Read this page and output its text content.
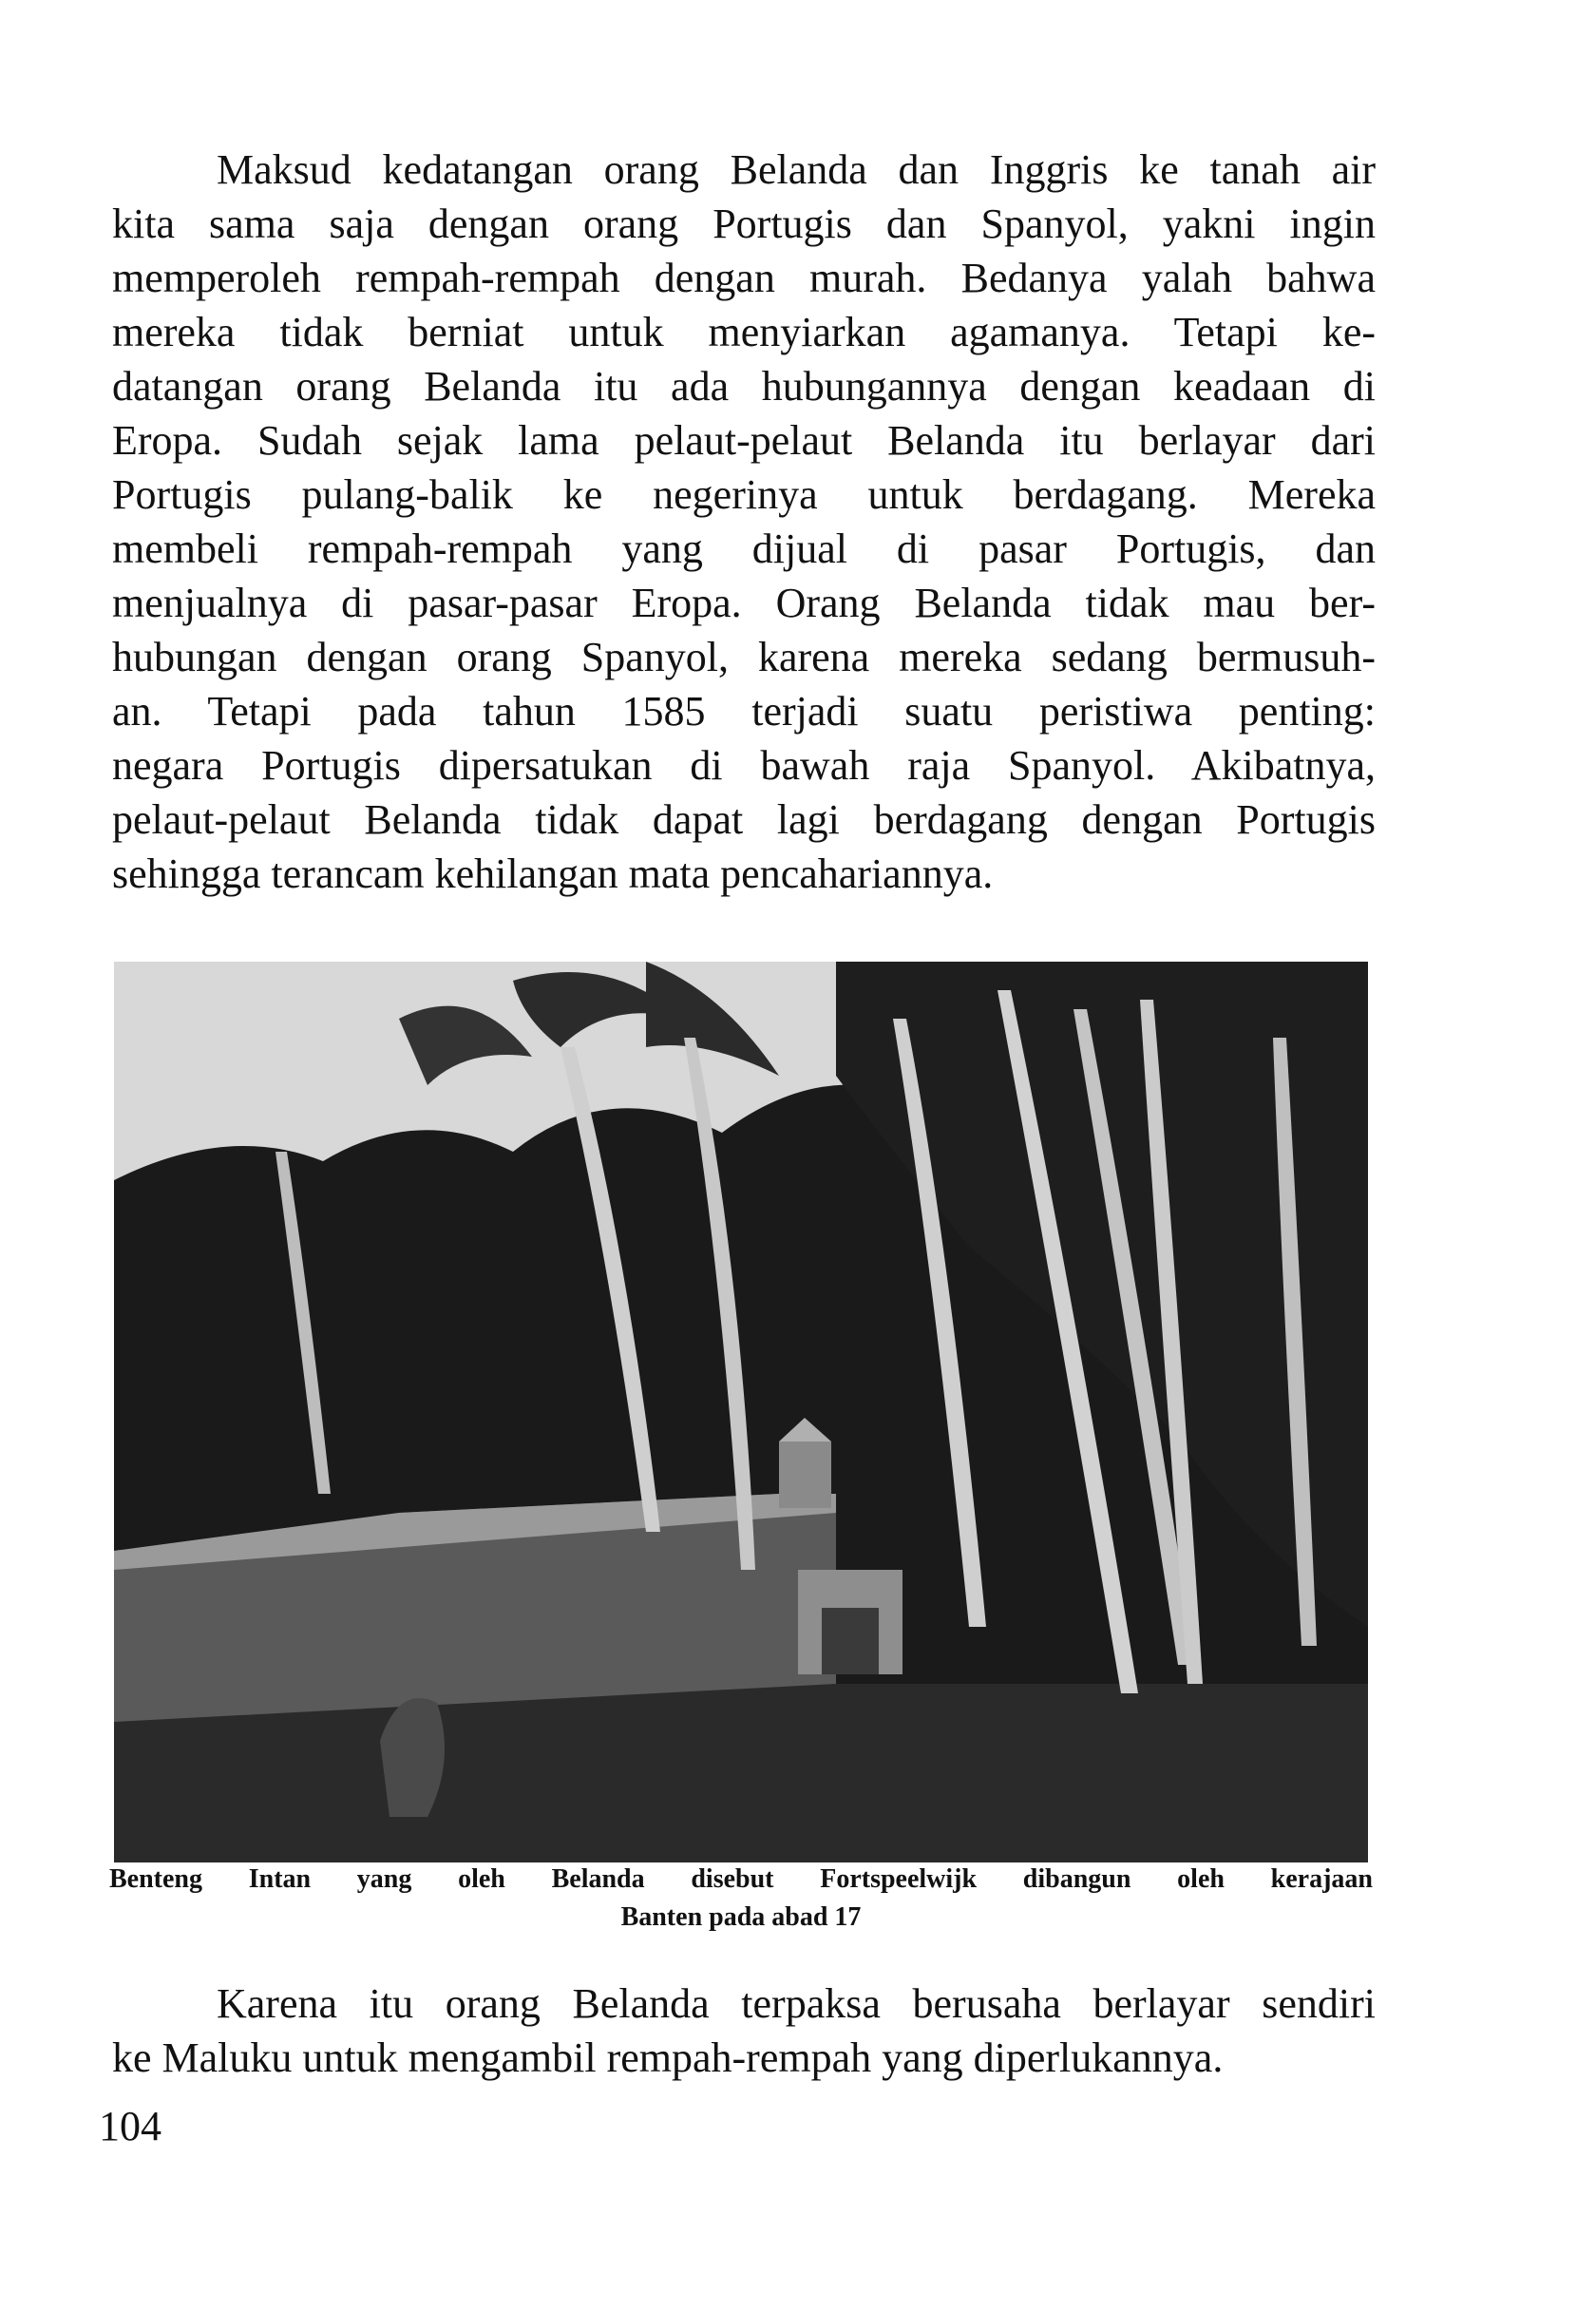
Maksud kedatangan orang Belanda dan Inggris ke tanah air
kita sama saja dengan orang Portugis dan Spanyol, yakni ingin
memperoleh rempah-rempah dengan murah. Bedanya yalah bahwa
mereka tidak berniat untuk menyiarkan agamanya. Tetapi ke-
datangan orang Belanda itu ada hubungannya dengan keadaan di
Eropa. Sudah sejak lama pelaut-pelaut Belanda itu berlayar dari
Portugis pulang-balik ke negerinya untuk berdagang. Mereka
membeli rempah-rempah yang dijual di pasar Portugis, dan
menjualnya di pasar-pasar Eropa. Orang Belanda tidak mau ber-
hubungan dengan orang Spanyol, karena mereka sedang bermusuh-
an. Tetapi pada tahun 1585 terjadi suatu peristiwa penting:
negara Portugis dipersatukan di bawah raja Spanyol. Akibatnya,
pelaut-pelaut Belanda tidak dapat lagi berdagang dengan Portugis
sehingga terancam kehilangan mata pencahariannya.
Benteng Intan yang oleh Belanda disebut Fortspeelwijk dibangun oleh kerajaan
Banten pada abad 17
Karena itu orang Belanda terpaksa berusaha berlayar sendiri
ke Maluku untuk mengambil rempah-rempah yang diperlukannya.
104
